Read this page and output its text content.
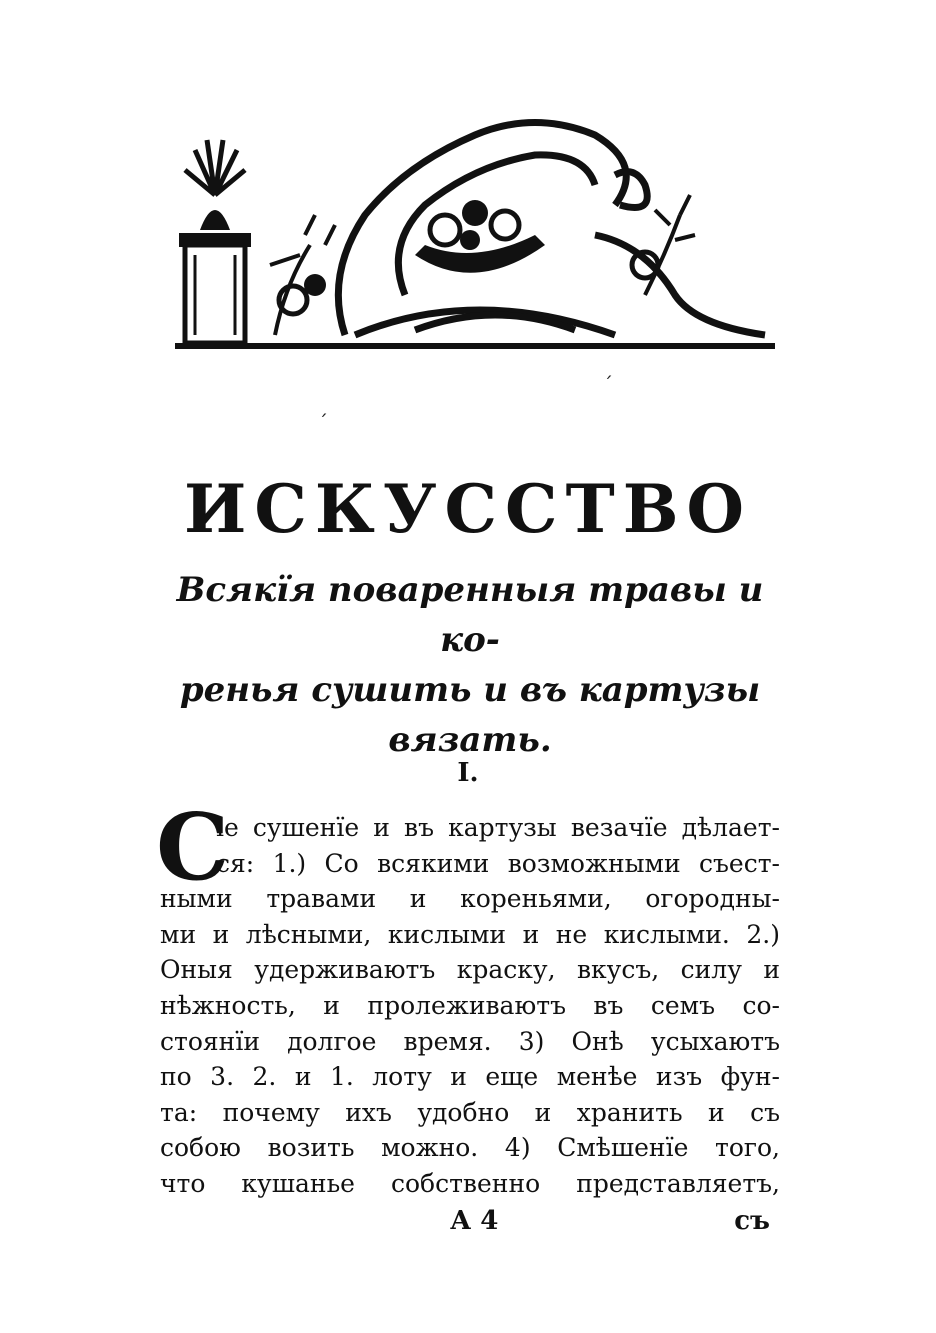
ˊ
ˊ
ИСКУССТВО
Всякїя поваренныя травы и ко-
ренья сушить и въ картузы
вязать.
I.
С
ie сушенїе и въ картузы везачїе дѣлает-
ся: 1.) Со всякими возможными съест-
ными травами и кореньями, огородны-
ми и лѣсными, кислыми и не кислыми. 2.)
Оныя удерживаютъ краску, вкусъ, силу и
нѣжность, и пролеживаютъ въ семъ со-
стоянїи долгое время. 3) Онѣ усыхаютъ
по 3. 2. и 1. лоту и еще менѣе изъ фун-
та: почему ихъ удобно и хранить и съ
собою возить можно. 4) Смѣшенїе того,
что кушанье собственно представляетъ,
А 4	съ
